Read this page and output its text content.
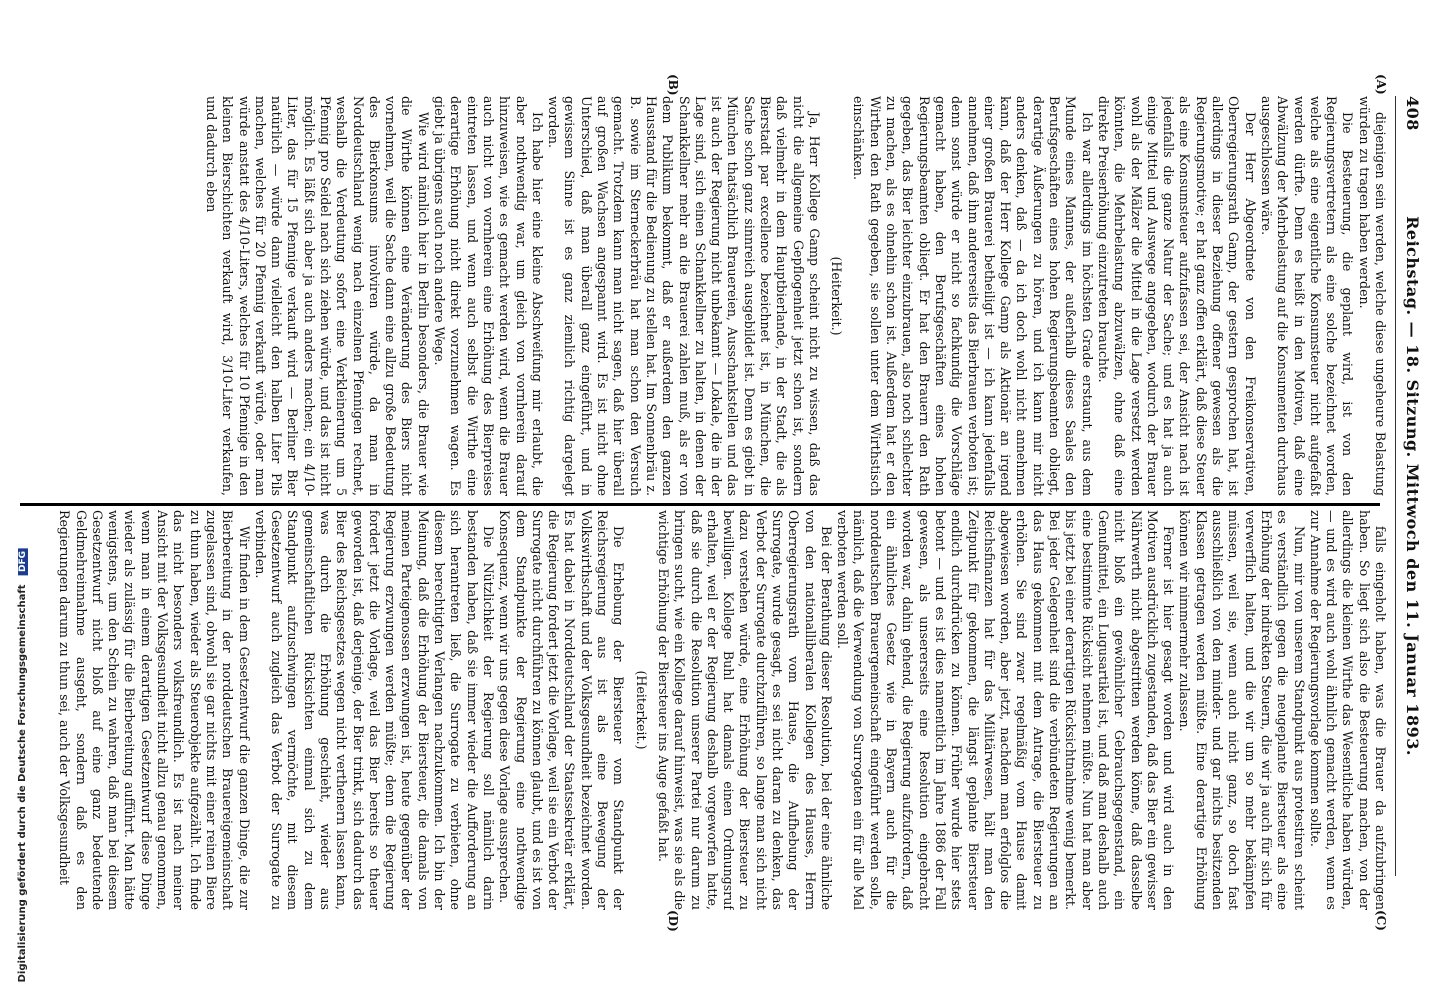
408
Reichstag. — 18. Sitzung. Mittwoch den 11. Januar 1893.
(A)
(B)
(C)
(D)

diejenigen sein werden, welche diese ungeheure Belastung würden zu tragen haben werden.

Die Besteuerung, die geplant wird, ist von den Regierungsvertretern als eine solche bezeichnet worden, welche als eine eigentliche Konsumsteuer nicht aufgefaßt werden dürfte. Denn es heißt in den Motiven, daß eine Abwälzung der Mehrbelastung auf die Konsumenten durchaus ausgeschlossen wäre.

Der Herr Abgeordnete von den Freikonservativen, Oberregierungsrath Gamp, der gestern gesprochen hat, ist allerdings in dieser Beziehung offener gewesen als die Regierungsmotive; er hat ganz offen erklärt, daß diese Steuer als eine Konsumsteuer aufzufassen sei, der Ansicht nach ist jedenfalls die ganze Natur der Sache; und es hat ja auch einige Mittel und Auswege angegeben, wodurch der Brauer wohl als der Mälzer die Mittel in die Lage versetzt werden könnten, die Mehrbelastung abzuwälzen, ohne daß eine direkte Preiserhöhung einzutreten brauchte.

Ich war allerdings im höchsten Grade erstaunt, aus dem Munde eines Mannes, der außerhalb dieses Saales den Berufsgeschäften eines hohen Regierungsbeamten obliegt, derartige Äußerungen zu hören, und ich kann mir nicht anders denken, daß — da ich doch wohl nicht annehmen kann, daß der Herr Kollege Gamp als Aktionär an irgend einer großen Brauerei betheiligt ist — ich kann jedenfalls annehmen, daß ihm andererseits das Bierbrauen verboten ist; denn sonst würde er nicht so fachkundig die Vorschläge gemacht haben, den Berufsgeschäften eines hohen Regierungsbeamten obliegt. Er hat den Brauern den Rath gegeben, das Bier leichter einzubrauen, also noch schlechter zu machen, als es ohnehin schon ist. Außerdem hat er den Wirthen den Rath gegeben, sie sollen unter dem Wirthstisch einschänken.

(Heiterkeit.)

Ja, Herr Kollege Gamp scheint nicht zu wissen, daß das nicht die allgemeine Gepflogenheit jetzt schon ist, sondern daß vielmehr in dem Hauptbierlande, in der Stadt, die als Bierstadt par excellence bezeichnet ist, in München, die Sache schon ganz sinnreich ausgebildet ist. Denn es giebt in München thatsächlich Brauereien, Ausschankstellen und das ist auch der Regierung nicht unbekannt — Lokale, die in der Lage sind, sich einen Schankkellner zu halten, in denen der Schankkellner mehr an die Brauerei zahlen muß, als er von dem Publikum bekommt, daß er außerdem den ganzen Hausstand für die Bedienung zu stellen hat. Im Sonnenbräu z. B. sowie im Sterneckerbräu hat man schon den Versuch gemacht. Trotzdem kann man nicht sagen, daß hier überall auf großen Wachsen angespannt wird. Es ist nicht ohne Unterschied, daß man überall ganz eingeführt, und in gewissem Sinne ist es ganz ziemlich richtig dargelegt worden.

Ich habe hier eine kleine Abschweifung mir erlaubt, die aber nothwendig war, um gleich von vornherein darauf hinzuweisen, wie es gemacht werden wird, wenn die Brauer auch nicht von vornherein eine Erhöhung des Bierpreises eintreten lassen, und wenn auch selbst die Wirthe eine derartige Erhöhung nicht direkt vorzunehmen wagen. Es giebt ja übrigens auch noch andere Wege.

Wie wird nämlich hier in Berlin besonders, die Brauer wie die Wirthe können eine Veränderung des Biers nicht vornehmen, weil die Sache dann eine allzu große Bedeutung des Bierkonsums involviren würde, da man in Norddeutschland wenig nach einzelnen Pfennigen rechnet, weshalb die Verdeutung sofort eine Verkleinerung um 5 Pfennig pro Seidel nach sich ziehen würde, und das ist nicht möglich. Es läßt sich aber ja auch anders machen; ein 4/10-Liter, das für 15 Pfennige verkauft wird — Berliner Bier natürlich — würde dann vielleicht den halben Liter Pils machen, welches für 20 Pfennig verkauft würde, oder man würde anstatt des 4/10-Liters, welches für 10 Pfennige in den kleinen Bierschichten verkauft wird, 3/10-Liter verkaufen, und dadurch eben

falls eingeholt haben, was die Brauer da aufzubringen haben. So liegt sich also die Besteuerung machen, von der allerdings die kleinen Wirthe das Wesentliche haben würden, — und es wird auch wohl ähnlich gemacht werden, wenn es zur Annahme der Regierungsvorlage kommen sollte.

Nun, mir von unserem Standpunkt aus protestiren scheint es verständlich gegen die neugeplante Biersteuer als eine Erhöhung der indirekten Steuern, die wir ja auch für sich für verwerflich halten, und die wir um so mehr bekämpfen müssen, weil sie, wenn auch nicht ganz, so doch fast ausschließlich von den minder- und gar nichts besitzenden Klassen getragen werden müßte. Eine derartige Erhöhung können wir nimmermehr zulassen.

Ferner ist hier gesagt worden und wird auch in den Motiven ausdrücklich zugestanden, daß das Bier ein gewisser Nährwerth nicht abgestritten werden könne, daß dasselbe nicht bloß ein gewöhnlicher Gebrauchsgegenstand, ein Genußmittel, ein Lugusartikel ist, und daß man deshalb auch eine bestimmte Rücksicht nehmen müßte. Nun hat man aber bis jetzt bei einer derartigen Rücksichtnahme wenig bemerkt. Bei jeder Gelegenheit sind die verbündeten Regierungen an das Haus gekommen mit dem Antrage, die Biersteuer zu erhöhen. Sie sind zwar regelmäßig vom Hause damit abgewiesen worden, aber jetzt, nachdem man erfolglos die Reichsfinanzen hat für das Militärwesen, hält man den Zeitpunkt für gekommen, die längst geplante Biersteuer endlich durchdrücken zu können. Früher wurde hier stets betont — und es ist dies namentlich im Jahre 1886 der Fall gewesen, als unsererseits eine Resolution eingebracht worden war, dahin gehend, die Regierung aufzufordern, daß ein ähnliches Gesetz wie in Bayern auch für die norddeutschen Brauergemeinschaft eingeführt werden solle, nämlich, daß die Verwendung von Surrogaten ein für alle Mal verboten werden soll.

Bei der Berathung dieser Resolution, bei der eine ähnliche von den nationalliberalen Kollegen des Hauses, Herrn Oberregierungsrath vom Hause, die Aufhebung der Surrogate, wurde gesagt, es sei nicht daran zu denken, das Verbot der Surrogate durchzuführen, so lange man sich nicht dazu verstehen würde, eine Erhöhung der Biersteuer zu bewilligen. Kollege Buhl hat damals einen Ordnungsruf erhalten, weil er der Regierung deshalb vorgeworfen hatte, daß sie durch die Resolution unserer Partei nur darum zu bringen sucht, wie ein Kollege darauf hinweist, was sie als die wichtige Erhöhung der Biersteuer ins Auge gefaßt hat.

(Heiterkeit.)

Die Erhebung der Biersteuer vom Standpunkt der Reichsregierung aus ist als eine Bewegung der Volkswirthschaft und der Volksgesundheit bezeichnet worden. Es hat dabei in Norddeutschland der Staatssekretär erklärt, die Regierung fordert jetzt die Vorlage, weil sie ein Verbot der Surrogate nicht durchführen zu können glaubt, und es ist von dem Standpunkte der Regierung eine nothwendige Konsequenz, wenn wir uns gegen diese Vorlage aussprechen.

Die Nützlichkeit der Regierung soll nämlich darin bestanden haben, daß sie immer wieder die Aufforderung an sich herantreten ließ, die Surrogate zu verbieten, ohne diesem berechtigten Verlangen nachzukommen. Ich bin der Meinung, daß die Erhöhung der Biersteuer, die damals von meinen Parteigenossen erzwungen ist, heute gegenüber der Regierung erzwungen werden müßte; denn die Regierung fordert jetzt die Vorlage, weil das Bier bereits so theuer geworden ist, daß derjenige, der Bier trinkt, sich dadurch das Bier des Reichsgesetzes wegen nicht verthenern lassen kann, was durch die Erhöhung geschieht, wieder aus gemeinschaftlichen Rücksichten einmal sich zu dem Standpunkt aufzuschwingen vermöchte, mit diesem Gesetzentwurf auch zugleich das Verbot der Surrogate zu verbinden.

Wir finden in dem Gesetzentwurf die ganzen Dinge, die zur Bierbereitung in der norddeutschen Brauereigemeinschaft zugelassen sind, obwohl sie gar nichts mit einer reinen Biere zu thun haben, wieder als Steuerobjekte aufgezählt. Ich finde das nicht besonders volksfreundlich. Es ist nach meiner Ansicht mit der Volksgesundheit nicht allzu genau genommen, wenn man in einem derartigen Gesetzentwurf diese Dinge wieder als zulässig für die Bierbereitung aufführt. Man hätte wenigstens, um den Schein zu wahren, daß man bei diesem Gesetzentwurf nicht bloß auf eine ganz bedeutende Geldmehreinnahme ausgeht, sondern daß es den Regierungen darum zu thun sei, auch der Volksgesundheit

Digitalisierung gefördert durch die Deutsche Forschungsgemeinschaft DFG
